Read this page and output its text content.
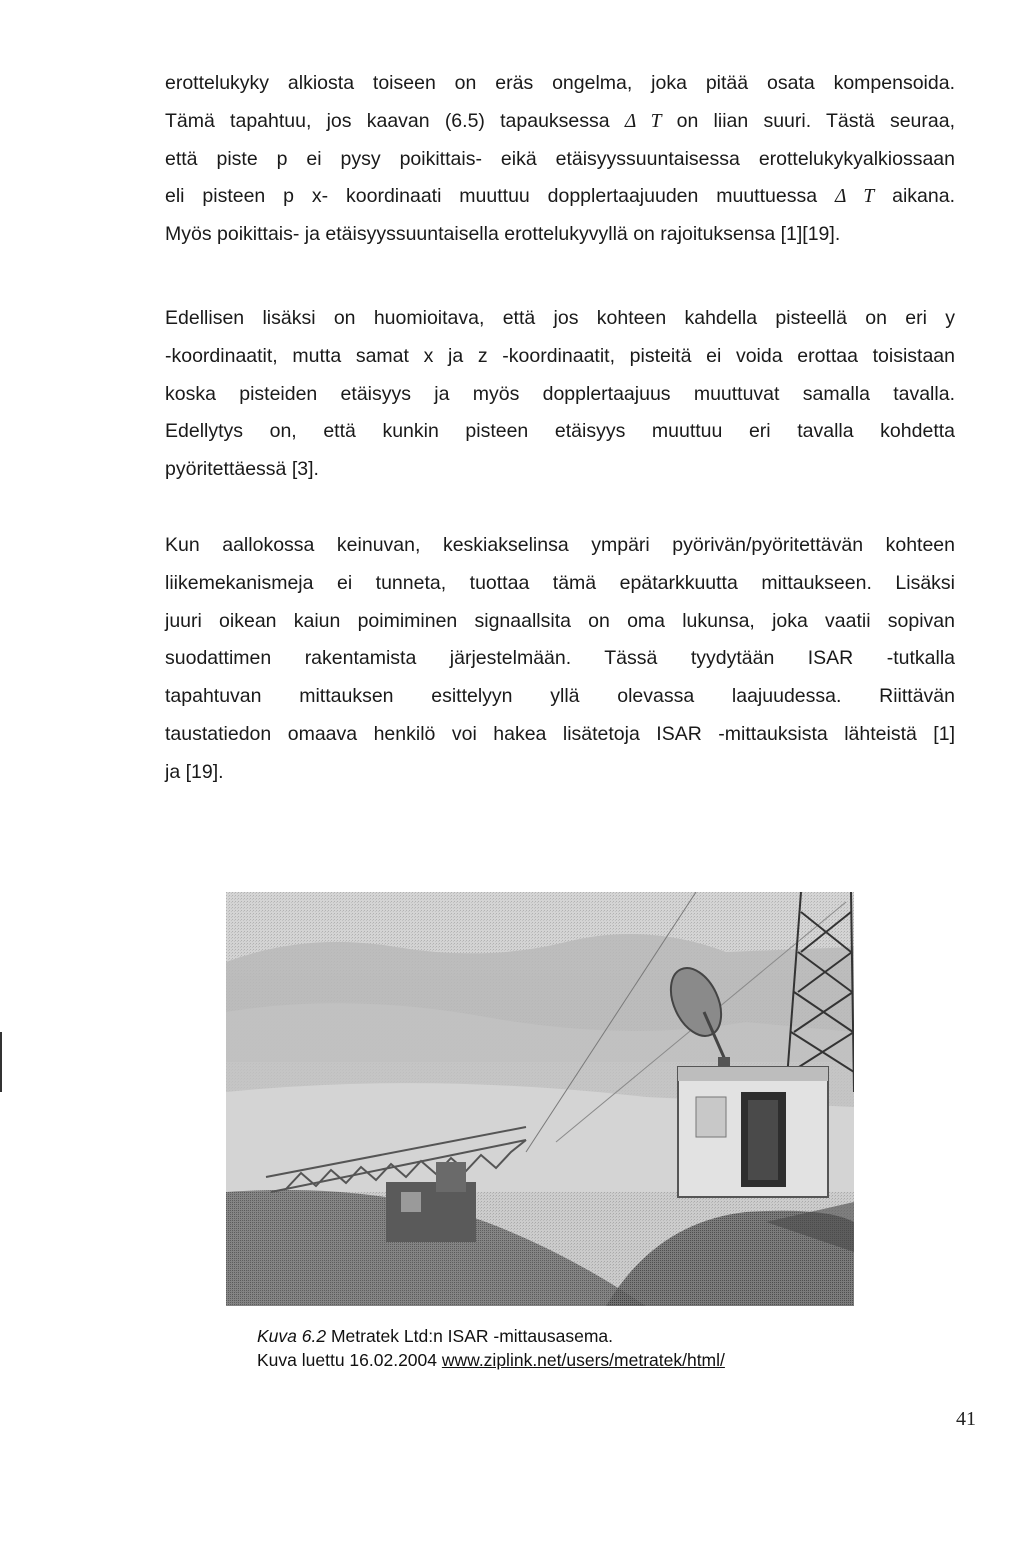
erottelukyky alkiosta toiseen on eräs ongelma, joka pitää osata kompensoida.
Tämä tapahtuu, jos kaavan (6.5) tapauksessa Δ T on liian suuri. Tästä seuraa,
että piste p ei pysy poikittais- eikä etäisyyssuuntaisessa erottelukykyalkiossaan
eli pisteen p x- koordinaati muuttuu dopplertaajuuden muuttuessa Δ T aikana.
Myös poikittais- ja etäisyyssuuntaisella erottelukyvyllä on rajoituksensa [1][19].

Edellisen lisäksi on huomioitava, että jos kohteen kahdella pisteellä on eri y
-koordinaatit, mutta samat x ja z -koordinaatit, pisteitä ei voida erottaa toisistaan
koska pisteiden etäisyys ja myös dopplertaajuus muuttuvat samalla tavalla.
Edellytys on, että kunkin pisteen etäisyys muuttuu eri tavalla kohdetta
pyöritettäessä [3].

Kun aallokossa keinuvan, keskiakselinsa ympäri pyörivän/pyöritettävän kohteen
liikemekanismeja ei tunneta, tuottaa tämä epätarkkuutta mittaukseen. Lisäksi
juuri oikean kaiun poimiminen signaallsita on oma lukunsa, joka vaatii sopivan
suodattimen rakentamista järjestelmään. Tässä tyydytään ISAR -tutkalla
tapahtuvan mittauksen esittelyyn yllä olevassa laajuudessa. Riittävän
taustatiedon omaava henkilö voi hakea lisätetoja ISAR -mittauksista lähteistä [1]
ja [19].

Kuva 6.2 Metratek Ltd:n ISAR -mittausasema.
Kuva luettu 16.02.2004 www.ziplink.net/users/metratek/html/
41
